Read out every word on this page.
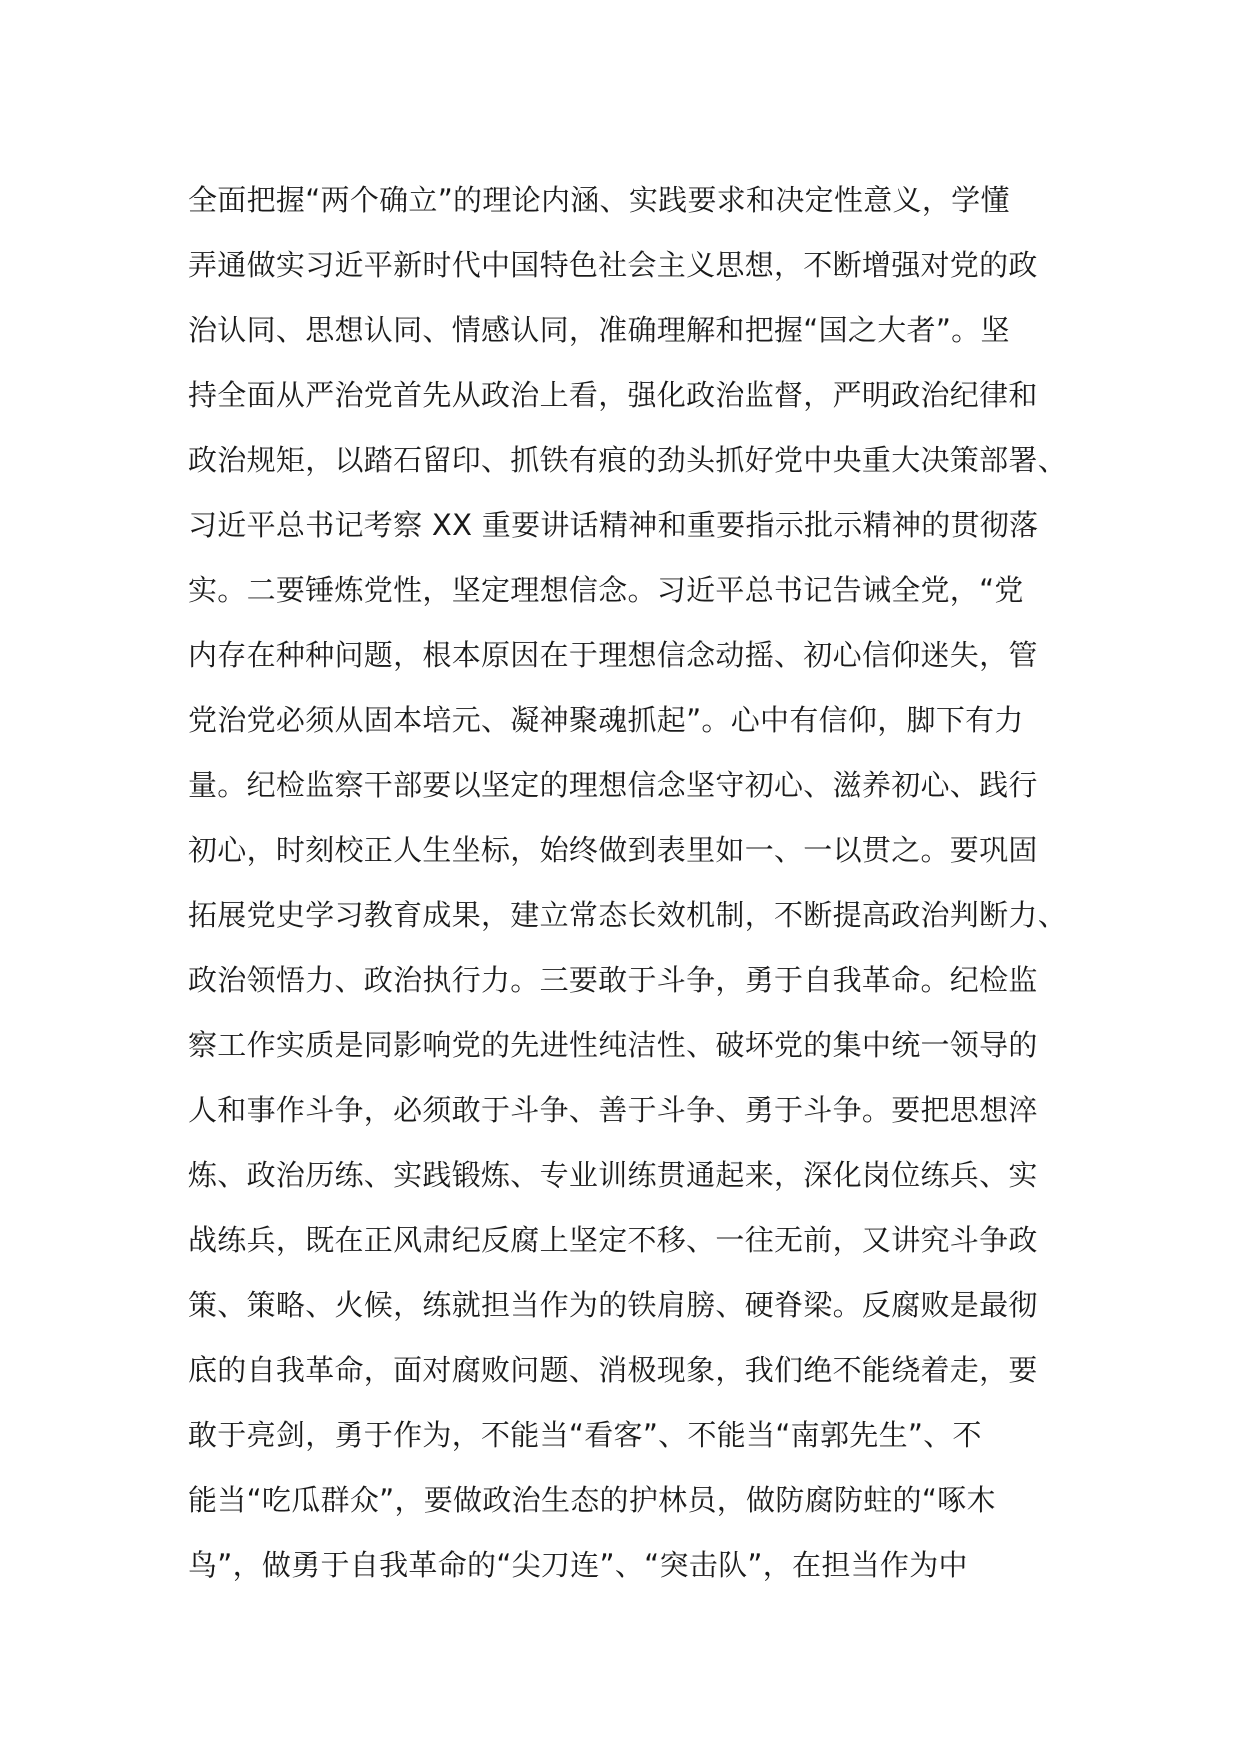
全面把握“两个确立”的理论内涵、实践要求和决定性意义，学懂
弄通做实习近平新时代中国特色社会主义思想，不断增强对党的政
治认同、思想认同、情感认同，准确理解和把握“国之大者”。坚
持全面从严治党首先从政治上看，强化政治监督，严明政治纪律和
政治规矩，以踏石留印、抓铁有痕的劲头抓好党中央重大决策部署、
习近平总书记考察 XX 重要讲话精神和重要指示批示精神的贯彻落
实。二要锤炼党性，坚定理想信念。习近平总书记告诫全党，“党
内存在种种问题，根本原因在于理想信念动摇、初心信仰迷失，管
党治党必须从固本培元、凝神聚魂抓起”。心中有信仰，脚下有力
量。纪检监察干部要以坚定的理想信念坚守初心、滋养初心、践行
初心，时刻校正人生坐标，始终做到表里如一、一以贯之。要巩固
拓展党史学习教育成果，建立常态长效机制，不断提高政治判断力、
政治领悟力、政治执行力。三要敢于斗争，勇于自我革命。纪检监
察工作实质是同影响党的先进性纯洁性、破坏党的集中统一领导的
人和事作斗争，必须敢于斗争、善于斗争、勇于斗争。要把思想淬
炼、政治历练、实践锻炼、专业训练贯通起来，深化岗位练兵、实
战练兵，既在正风肃纪反腐上坚定不移、一往无前，又讲究斗争政
策、策略、火候，练就担当作为的铁肩膀、硬脊梁。反腐败是最彻
底的自我革命，面对腐败问题、消极现象，我们绝不能绕着走，要
敢于亮剑，勇于作为，不能当“看客”、不能当“南郭先生”、不
能当“吃瓜群众”，要做政治生态的护林员，做防腐防蛀的“啄木
鸟”，做勇于自我革命的“尖刀连”、“突击队”，在担当作为中
